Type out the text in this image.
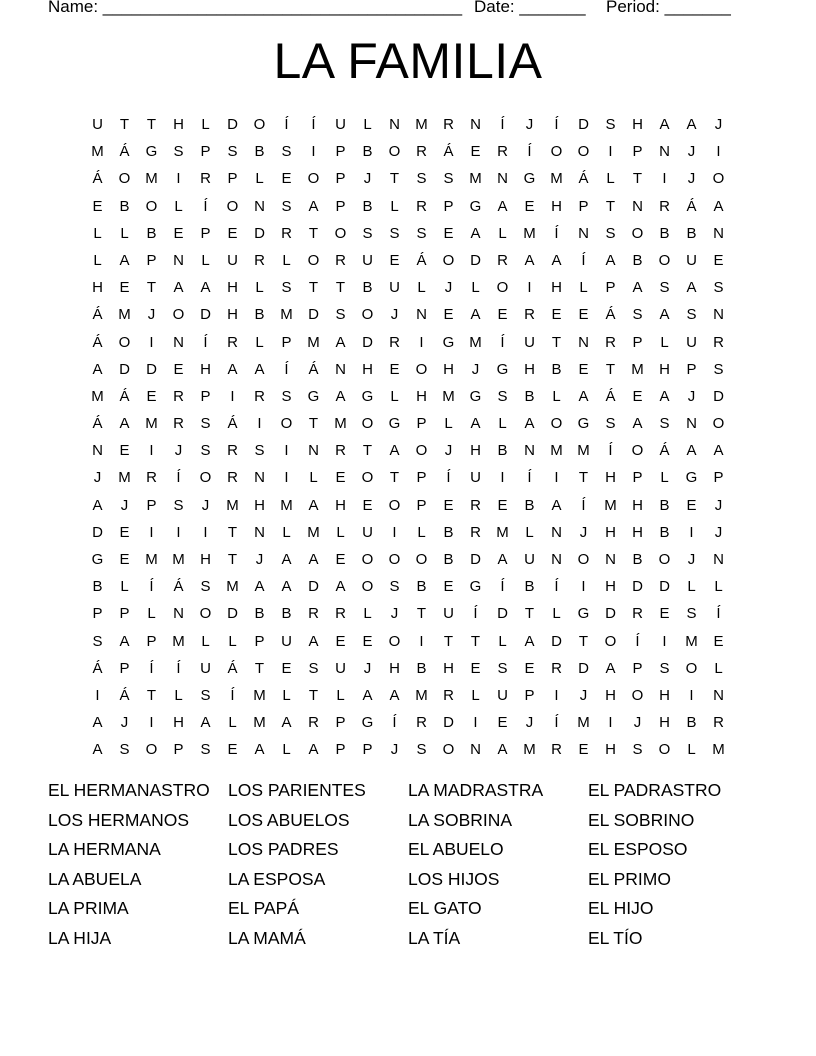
Name: ______________________________________ Date: _______ Period: _______
LA FAMILIA
U	T	T	H	L	D	O	Í	Í	U	L	N	M	R	N	Í	J	Í	D	S	H	A	A	J
M	Á	G	S	P	S	B	S	I	P	B	O	R	Á	E	R	Í	O	O	I	P	N	J	I
Á	O M	I	R	P	L	E	O	P	J	T	S	S	M	N	G M	Á	L	T	I	J	O
E	B	O	L	Í	O	N	S	A	P	B	L	R	P	G	A	E	H	P	T	N	R	Á	A
L	L	B	E	P	E	D	R	T	O	S	S	S	E	A	L	M	Í	N	S	O	B	B	N
L	A	P	N	L	U	R	L	O	R	U	E	Á	O	D	R	A	A	Í	A	B	O	U	E
H	E	T	A	A	H	L	S	T	T	B	U	L	J	L	O	I	H	L	P	A	S	A	S
Á	M	J	O	D	H	B	M	D	S	O	J	N	E	A	E	R	E	E	Á	S	A	S	N
Á	O	I	N	Í	R	L	P	M	A	D	R	I	G M	Í	U	T	N	R	P	L	U	R
A	D	D	E	H	A	A	Í	Á	N	H	E	O	H	J	G	H	B	E	T	M	H	P	S
M	Á	E	R	P	I	R	S	G	A	G	L	H	M G	S	B	L	A	Á	E	A	J	D
Á	A	M	R	S	Á	I	O	T	M O	G	P	L	A	L	A	O	G	S	A	S	N	O
N	E	I	J	S	R	S	I	N	R	T	A	O	J	H	B	N	M M	Í	O	Á	A	A
J	M	R	Í	O	R	N	I	L	E	O	T	P	Í	U	I	Í	I	T	H	P	L	G	P
A	J	P	S	J	M	H	M	A	H	E	O	P	E	R	E	B	A	Í	M	H	B	E	J
D	E	I	I	I	T	N	L	M	L	U	I	L	B	R	M	L	N	J	H	H	B	I	J
G	E	M M	H	T	J	A	A	E	O	O	O	B	D	A	U	N	O	N	B	O	J	N
B	L	Í	Á	S	M	A	A	D	A	O	S	B	E	G	Í	B	Í	I	H	D	D	L	L
P	P	L	N	O	D	B	B	R	R	L	J	T	U	Í	D	T	L	G	D	R	E	S	Í
S	A	P	M	L	L	P	U	A	E	E	O	I	T	T	L	A	D	T	O	Í	I	M	E
Á	P	Í	Í	U	Á	T	E	S	U	J	H	B	H	E	S	E	R	D	A	P	S	O	L
I	Á	T	L	S	Í	M	L	T	L	A	A	M	R	L	U	P	I	J	H	O	H	I	N
A	J	I	H	A	L	M	A	R	P	G	Í	R	D	I	E	J	Í	M	I	J	H	B	R
A	S	O	P	S	E	A	L	A	P	P	J	S	O	N	A	M	R	E	H	S	O	L	M
EL HERMANASTRO	LOS PARIENTES	LA MADRASTRA	EL PADRASTRO
LOS HERMANOS	LOS ABUELOS	LA SOBRINA	EL SOBRINO
LA HERMANA	LOS PADRES	EL ABUELO	EL ESPOSO
LA ABUELA	LA ESPOSA	LOS HIJOS	EL PRIMO
LA PRIMA	EL PAPÁ	EL GATO	EL HIJO
LA HIJA	LA MAMÁ	LA TÍA	EL TÍO
